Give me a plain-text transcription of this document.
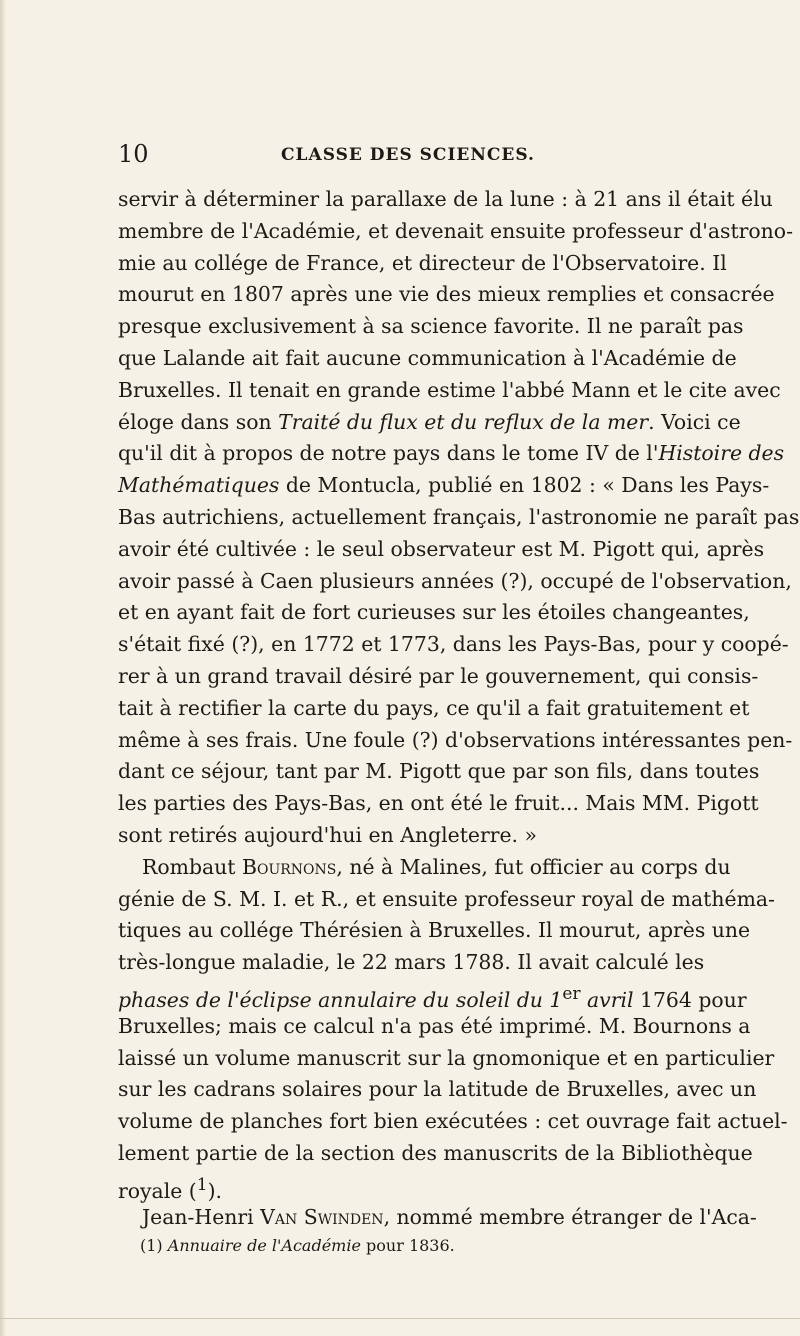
10	CLASSE DES SCIENCES.
servir à déterminer la parallaxe de la lune : à 21 ans il était élu
membre de l'Académie, et devenait ensuite professeur d'astrono-
mie au collége de France, et directeur de l'Observatoire. Il
mourut en 1807 après une vie des mieux remplies et consacrée
presque exclusivement à sa science favorite. Il ne paraît pas
que Lalande ait fait aucune communication à l'Académie de
Bruxelles. Il tenait en grande estime l'abbé Mann et le cite avec
éloge dans son Traité du flux et du reflux de la mer. Voici ce
qu'il dit à propos de notre pays dans le tome IV de l'Histoire des
Mathématiques de Montucla, publié en 1802 : « Dans les Pays-
Bas autrichiens, actuellement français, l'astronomie ne paraît pas
avoir été cultivée : le seul observateur est M. Pigott qui, après
avoir passé à Caen plusieurs années (?), occupé de l'observation,
et en ayant fait de fort curieuses sur les étoiles changeantes,
s'était fixé (?), en 1772 et 1773, dans les Pays-Bas, pour y coopé-
rer à un grand travail désiré par le gouvernement, qui consis-
tait à rectifier la carte du pays, ce qu'il a fait gratuitement et
même à ses frais. Une foule (?) d'observations intéressantes pen-
dant ce séjour, tant par M. Pigott que par son fils, dans toutes
les parties des Pays-Bas, en ont été le fruit... Mais MM. Pigott
sont retirés aujourd'hui en Angleterre. »
Rombaut Bournons, né à Malines, fut officier au corps du
génie de S. M. I. et R., et ensuite professeur royal de mathéma-
tiques au collége Thérésien à Bruxelles. Il mourut, après une
très-longue maladie, le 22 mars 1788. Il avait calculé les
phases de l'éclipse annulaire du soleil du 1er avril 1764 pour
Bruxelles; mais ce calcul n'a pas été imprimé. M. Bournons a
laissé un volume manuscrit sur la gnomonique et en particulier
sur les cadrans solaires pour la latitude de Bruxelles, avec un
volume de planches fort bien exécutées : cet ouvrage fait actuel-
lement partie de la section des manuscrits de la Bibliothèque
royale ($^1$).
Jean-Henri Van Swinden, nommé membre étranger de l'Aca-
(1) Annuaire de l'Académie pour 1836.
